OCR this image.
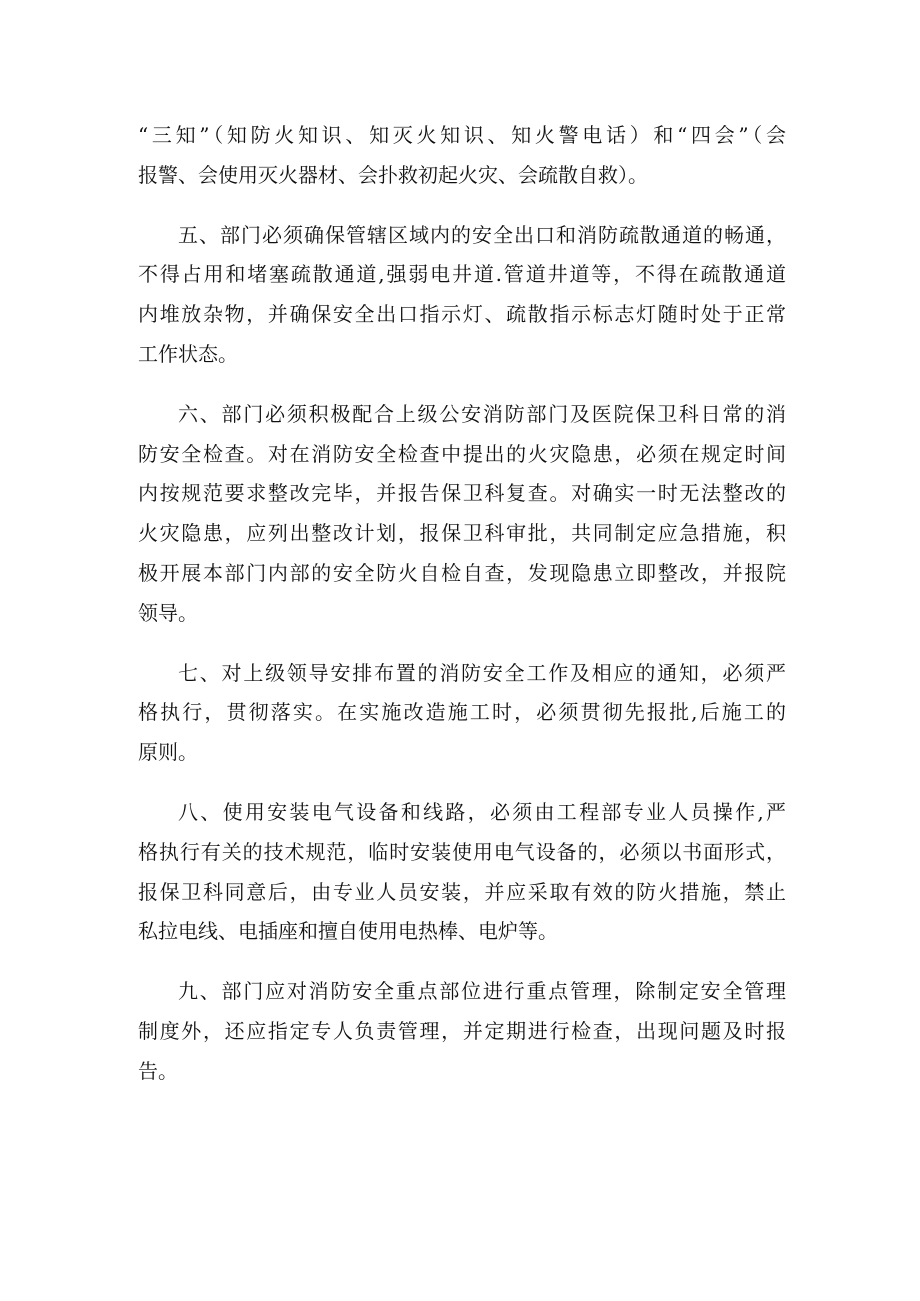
“三知”（知防火知识、知灭火知识、知火警电话）和“四会”（会
报警、会使用灭火器材、会扑救初起火灾、会疏散自救）。
五、部门必须确保管辖区域内的安全出口和消防疏散通道的畅通，
不得占用和堵塞疏散通道,强弱电井道.管道井道等，不得在疏散通道
内堆放杂物，并确保安全出口指示灯、疏散指示标志灯随时处于正常
工作状态。
六、部门必须积极配合上级公安消防部门及医院保卫科日常的消
防安全检查。对在消防安全检查中提出的火灾隐患，必须在规定时间
内按规范要求整改完毕，并报告保卫科复查。对确实一时无法整改的
火灾隐患，应列出整改计划，报保卫科审批，共同制定应急措施，积
极开展本部门内部的安全防火自检自查，发现隐患立即整改，并报院
领导。
七、对上级领导安排布置的消防安全工作及相应的通知，必须严
格执行，贯彻落实。在实施改造施工时，必须贯彻先报批,后施工的
原则。
八、使用安装电气设备和线路，必须由工程部专业人员操作,严
格执行有关的技术规范，临时安装使用电气设备的，必须以书面形式，
报保卫科同意后，由专业人员安装，并应采取有效的防火措施，禁止
私拉电线、电插座和擅自使用电热棒、电炉等。
九、部门应对消防安全重点部位进行重点管理，除制定安全管理
制度外，还应指定专人负责管理，并定期进行检查，出现问题及时报
告。
